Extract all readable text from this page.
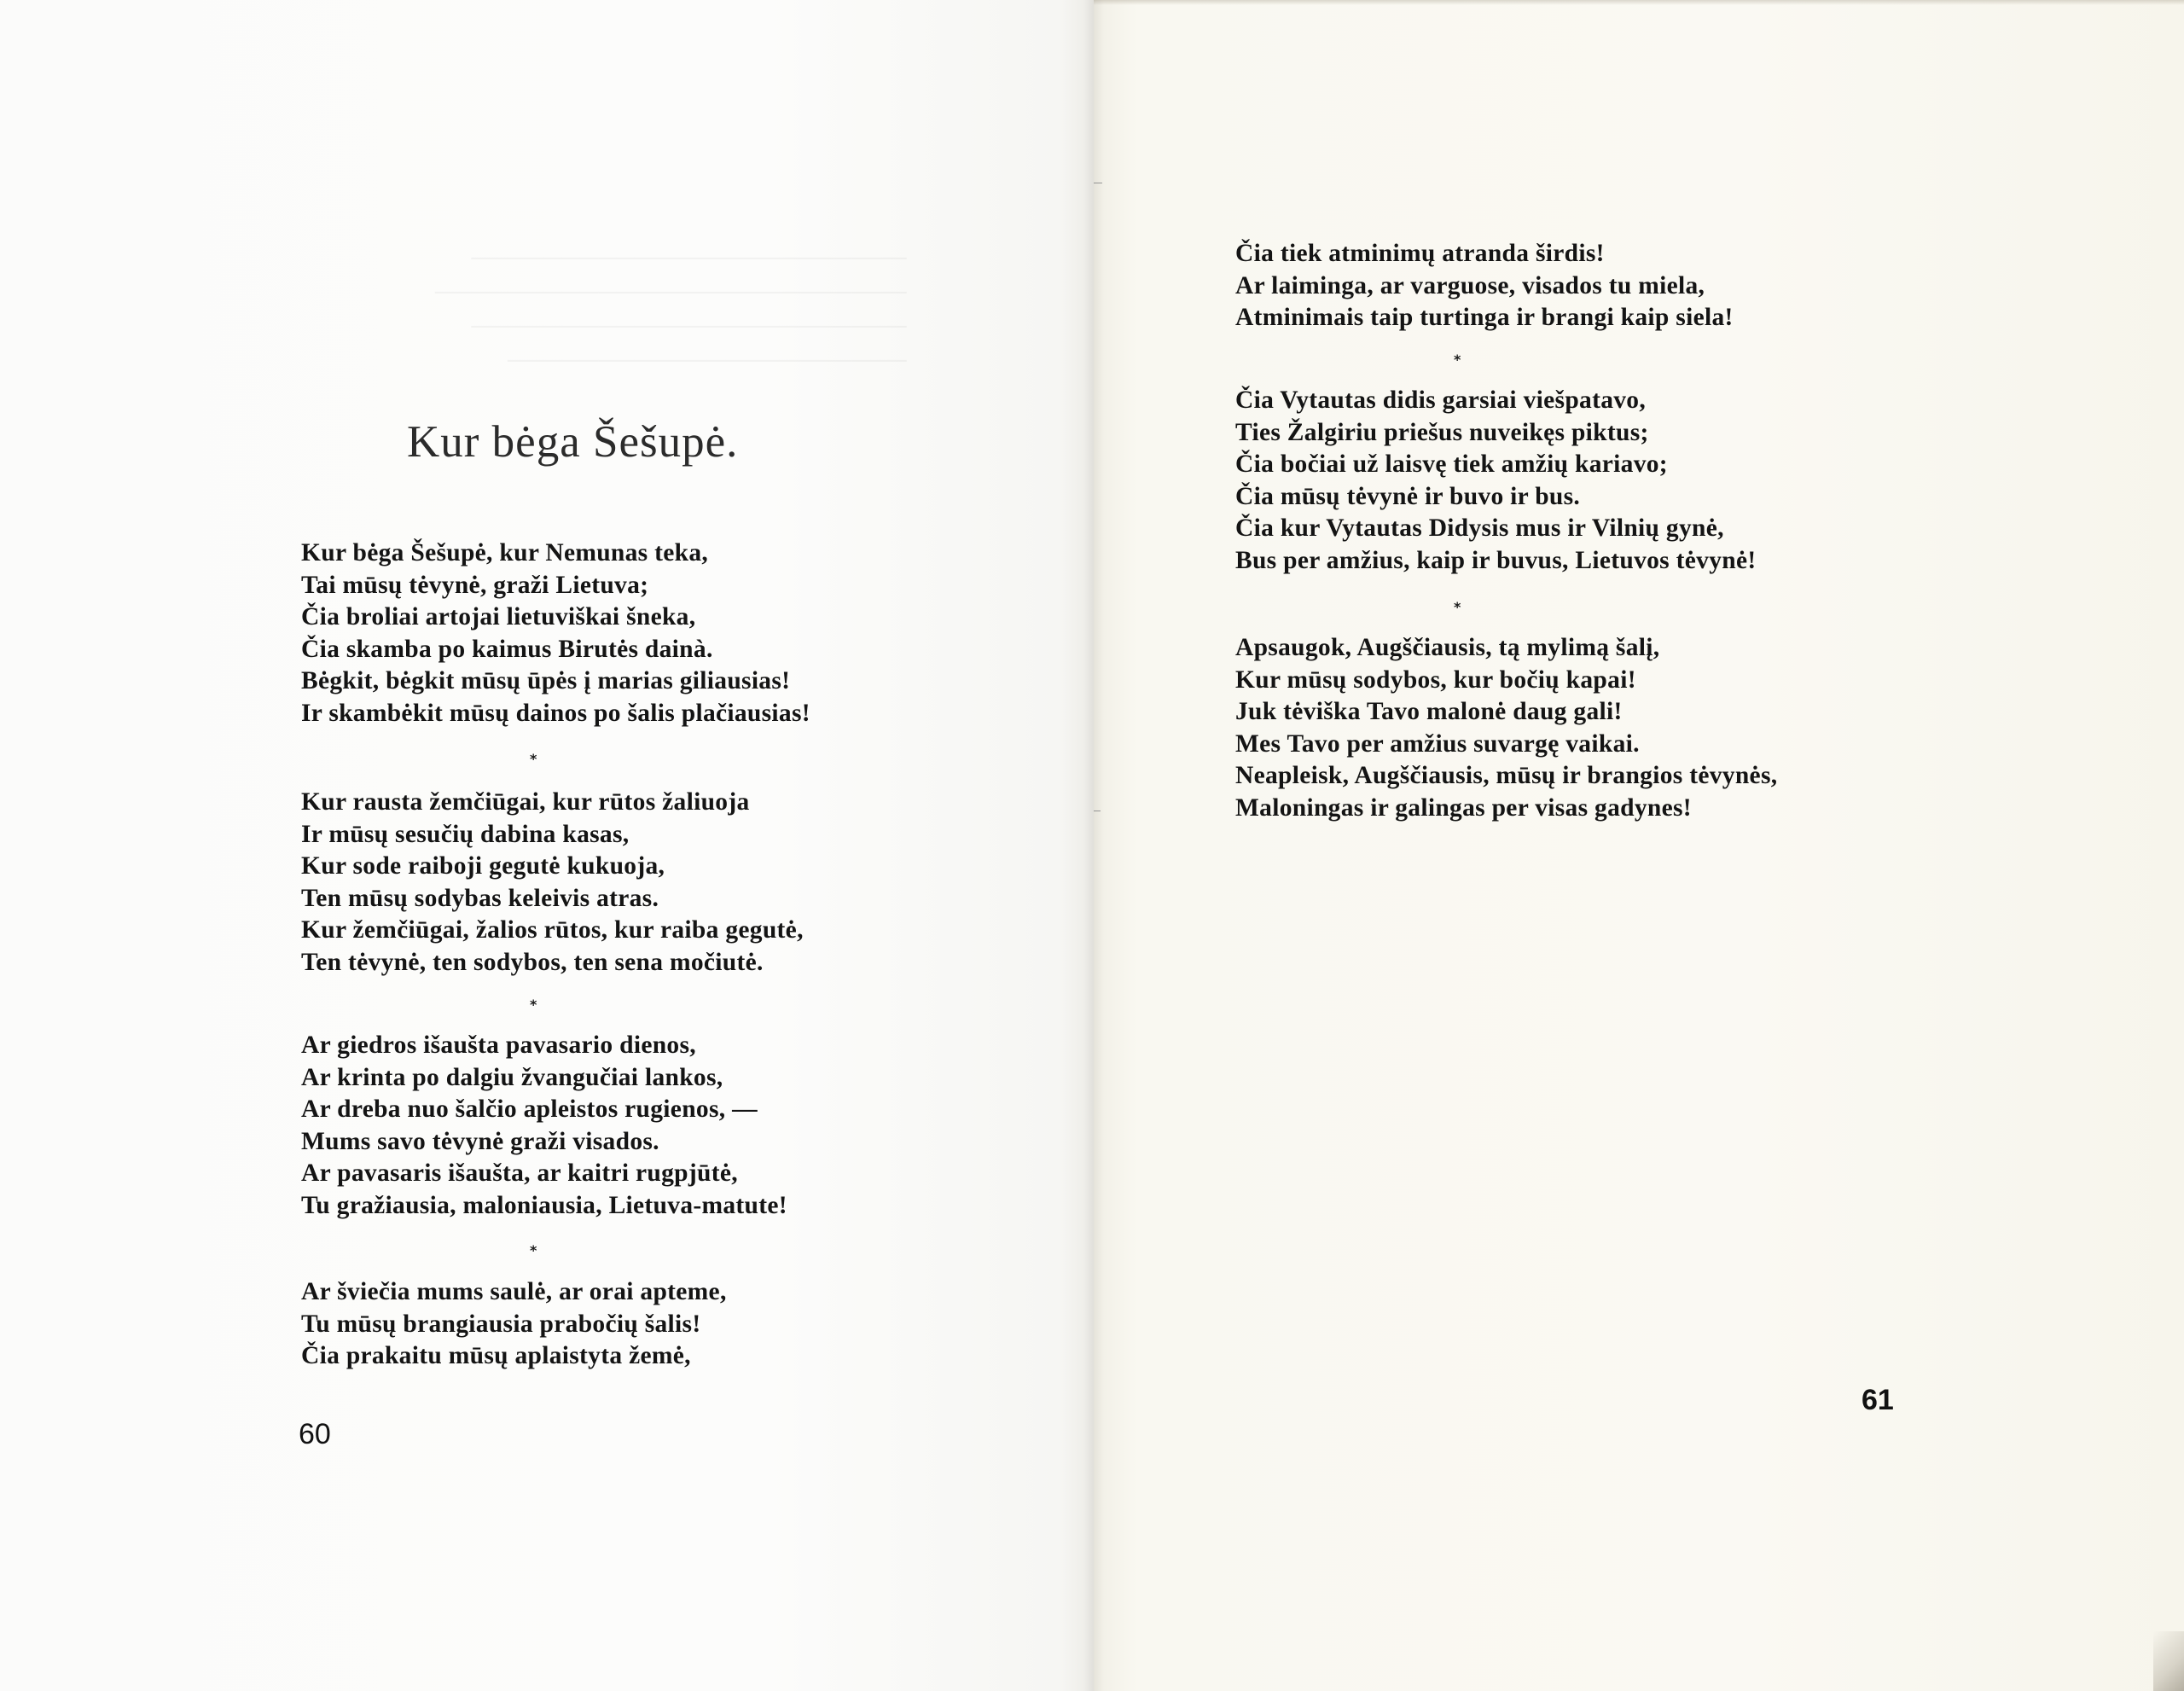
Kur bėga Šešupė.
Kur bėga Šešupė, kur Nemunas teka,
Tai mūsų tėvynė, graži Lietuva;
Čia broliai artojai lietuviškai šneka,
Čia skamba po kaimus Birutės dainà.
Bėgkit, bėgkit mūsų ūpės į marias giliausias!
Ir skambėkit mūsų dainos po šalis plačiausias!
*
Kur rausta žemčiūgai, kur rūtos žaliuoja
Ir mūsų sesučių dabina kasas,
Kur sode raiboji gegutė kukuoja,
Ten mūsų sodybas keleivis atras.
Kur žemčiūgai, žalios rūtos, kur raiba gegutė,
Ten tėvynė, ten sodybos, ten sena močiutė.
*
Ar giedros išaušta pavasario dienos,
Ar krinta po dalgiu žvangučiai lankos,
Ar dreba nuo šalčio apleistos rugienos, —
Mums savo tėvynė graži visados.
Ar pavasaris išaušta, ar kaitri rugpjūtė,
Tu gražiausia, maloniausia, Lietuva-matute!
*
Ar šviečia mums saulė, ar orai apteme,
Tu mūsų brangiausia prabočių šalis!
Čia prakaitu mūsų aplaistyta žemė,
60
Čia tiek atminimų atranda širdis!
Ar laiminga, ar varguose, visados tu miela,
Atminimais taip turtinga ir brangi kaip siela!
*
Čia Vytautas didis garsiai viešpatavo,
Ties Žalgiriu priešus nuveikęs piktus;
Čia bočiai už laisvę tiek amžių kariavo;
Čia mūsų tėvynė ir buvo ir bus.
Čia kur Vytautas Didysis mus ir Vilnių gynė,
Bus per amžius, kaip ir buvus, Lietuvos tėvynė!
*
Apsaugok, Augščiausis, tą mylimą šalį,
Kur mūsų sodybos, kur bočių kapai!
Juk tėviška Tavo malonė daug gali!
Mes Tavo per amžius suvargę vaikai.
Neapleisk, Augščiausis, mūsų ir brangios tėvynės,
Maloningas ir galingas per visas gadynes!
61
